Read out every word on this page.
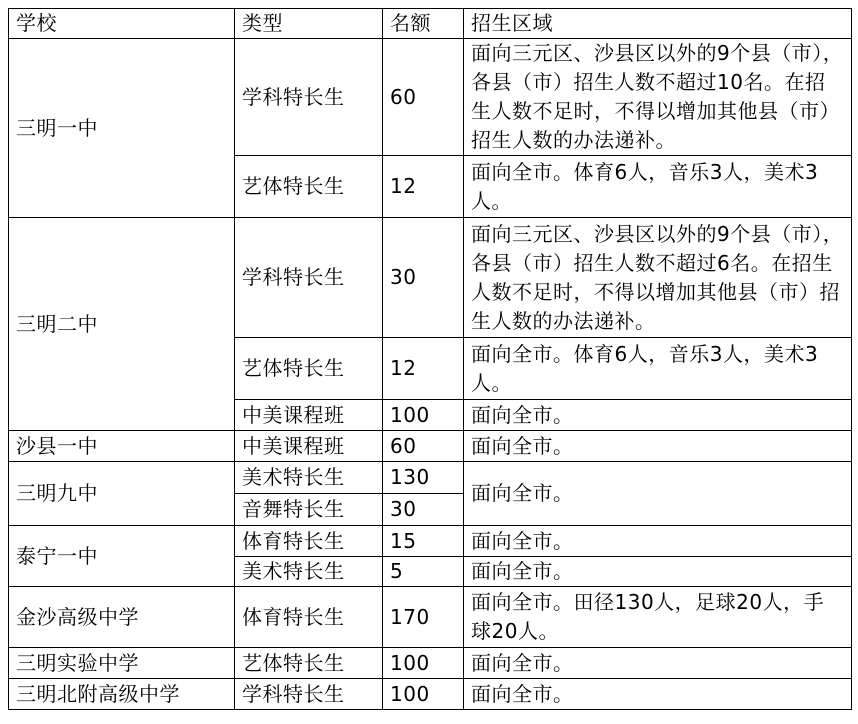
学校	类型	名额	招生区域
三明一中	学科特长生	60	面向三元区、沙县区以外的9个县（市），各县（市）招生人数不超过10名。在招生人数不足时，不得以增加其他县（市）招生人数的办法递补。
	艺体特长生	12	面向全市。体育6人，音乐3人，美术3人。
三明二中	学科特长生	30	面向三元区、沙县区以外的9个县（市），各县（市）招生人数不超过6名。在招生人数不足时，不得以增加其他县（市）招生人数的办法递补。
	艺体特长生	12	面向全市。体育6人，音乐3人，美术3人。
	中美课程班	100	面向全市。
沙县一中	中美课程班	60	面向全市。
三明九中	美术特长生	130	面向全市。
	音舞特长生	30	
泰宁一中	体育特长生	15	面向全市。
	美术特长生	5	面向全市。
金沙高级中学	体育特长生	170	面向全市。田径130人，足球20人，手球20人。
三明实验中学	艺体特长生	100	面向全市。
三明北附高级中学	学科特长生	100	面向全市。
